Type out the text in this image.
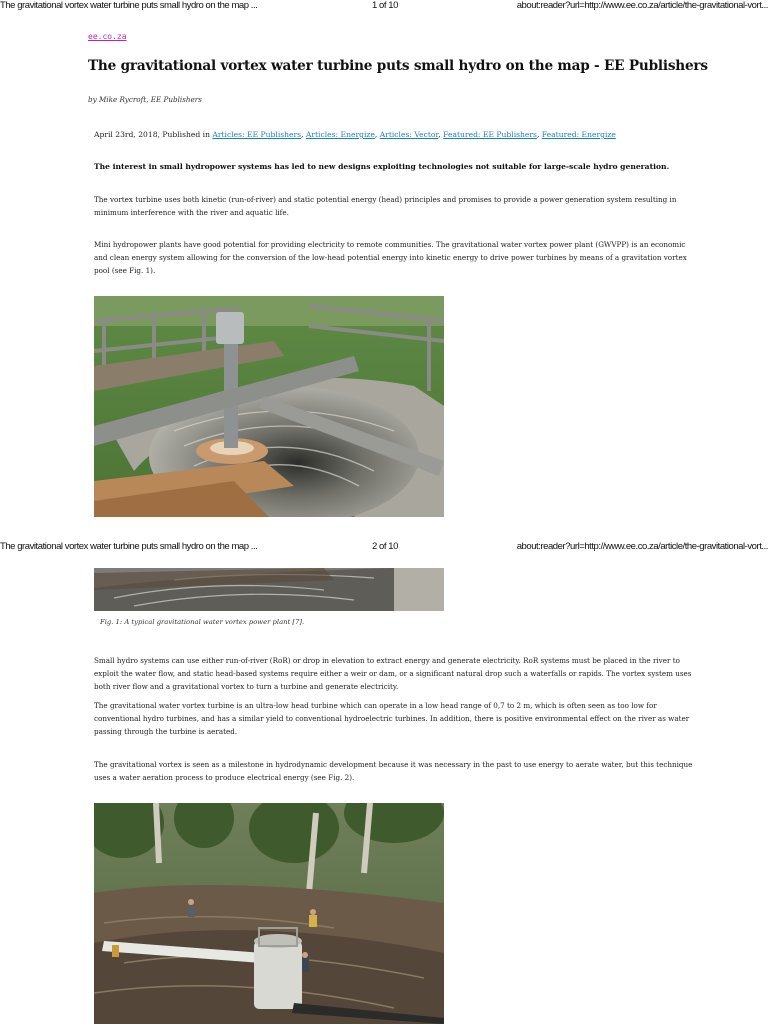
The gravitational vortex water turbine puts small hydro on the map ...	1 of 10	about:reader?url=http://www.ee.co.za/article/the-gravitational-vort...
ee.co.za
The gravitational vortex water turbine puts small hydro on the map - EE Publishers
by Mike Rycroft, EE Publishers
April 23rd, 2018, Published in Articles: EE Publishers, Articles: Energize, Articles: Vector, Featured: EE Publishers, Featured: Energize

The interest in small hydropower systems has led to new designs exploiting technologies not suitable for large-scale hydro generation.

The vortex turbine uses both kinetic (run-of-river) and static potential energy (head) principles and promises to provide a power generation system resulting in minimum interference with the river and aquatic life.

Mini hydropower plants have good potential for providing electricity to remote communities. The gravitational water vortex power plant (GWVPP) is an economic and clean energy system allowing for the conversion of the low-head potential energy into kinetic energy to drive power turbines by means of a gravitation vortex pool (see Fig. 1).

The gravitational vortex water turbine puts small hydro on the map ...	2 of 10	about:reader?url=http://www.ee.co.za/article/the-gravitational-vort...
Fig. 1: A typical gravitational water vortex power plant [7].

Small hydro systems can use either run-of-river (RoR) or drop in elevation to extract energy and generate electricity. RoR systems must be placed in the river to exploit the water flow, and static head-based systems require either a weir or dam, or a significant natural drop such a waterfalls or rapids. The vortex system uses both river flow and a gravitational vortex to turn a turbine and generate electricity.

The gravitational water vortex turbine is an ultra-low head turbine which can operate in a low head range of 0,7 to 2 m, which is often seen as too low for conventional hydro turbines, and has a similar yield to conventional hydroelectric turbines. In addition, there is positive environmental effect on the river as water passing through the turbine is aerated.

The gravitational vortex is seen as a milestone in hydrodynamic development because it was necessary in the past to use energy to aerate water, but this technique uses a water aeration process to produce electrical energy (see Fig. 2).
